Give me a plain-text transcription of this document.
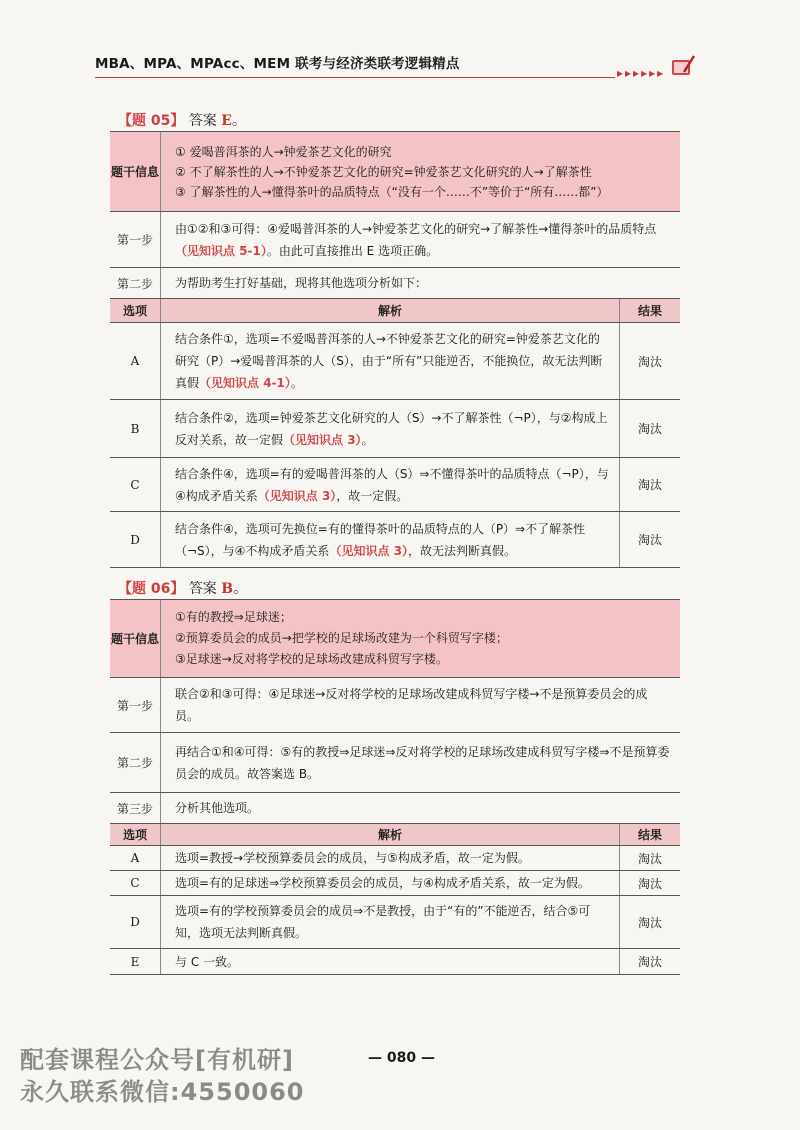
MBA、MPA、MPAcc、MEM 联考与经济类联考逻辑精点
▸▸▸▸▸▸
【题 05】 答案 E。
题干信息	① 爱喝普洱茶的人→钟爱茶艺文化的研究
② 不了解茶性的人→不钟爱茶艺文化的研究=钟爱茶艺文化研究的人→了解茶性
③ 了解茶性的人→懂得茶叶的品质特点（“没有一个……不”等价于“所有……都”）	

第一步	由①②和③可得：④爱喝普洱茶的人→钟爱茶艺文化的研究→了解茶性→懂得茶叶的品质特点（见知识点 5-1）。由此可直接推出 E 选项正确。	
第二步	为帮助考生打好基础，现将其他选项分析如下：	
选项	解析	结果
A	结合条件①，选项=不爱喝普洱茶的人→不钟爱茶艺文化的研究=钟爱茶艺文化的研究（P）→爱喝普洱茶的人（S），由于“所有”只能逆否，不能换位，故无法判断真假（见知识点 4-1）。	淘汰
B	结合条件②，选项=钟爱茶艺文化研究的人（S）→不了解茶性（¬P），与②构成上反对关系，故一定假（见知识点 3）。	淘汰
C	结合条件④，选项=有的爱喝普洱茶的人（S）⇒不懂得茶叶的品质特点（¬P），与④构成矛盾关系（见知识点 3），故一定假。	淘汰
D	结合条件④，选项可先换位=有的懂得茶叶的品质特点的人（P）⇒不了解茶性（¬S），与④不构成矛盾关系（见知识点 3），故无法判断真假。	淘汰
【题 06】 答案 B。
题干信息	①有的教授⇒足球迷；
②预算委员会的成员→把学校的足球场改建为一个科贸写字楼；
③足球迷→反对将学校的足球场改建成科贸写字楼。	

第一步	联合②和③可得：④足球迷→反对将学校的足球场改建成科贸写字楼→不是预算委员会的成员。	
第二步	再结合①和④可得：⑤有的教授⇒足球迷⇒反对将学校的足球场改建成科贸写字楼⇒不是预算委员会的成员。故答案选 B。	
第三步	分析其他选项。	
选项	解析	结果
A	选项=教授→学校预算委员会的成员，与⑤构成矛盾，故一定为假。	淘汰
C	选项=有的足球迷⇒学校预算委员会的成员，与④构成矛盾关系，故一定为假。	淘汰
D	选项=有的学校预算委员会的成员⇒不是教授，由于“有的”不能逆否，结合⑤可知，选项无法判断真假。	淘汰
E	与 C 一致。	淘汰
配套课程公众号[有机研]
永久联系微信:4550060
— 080 —
